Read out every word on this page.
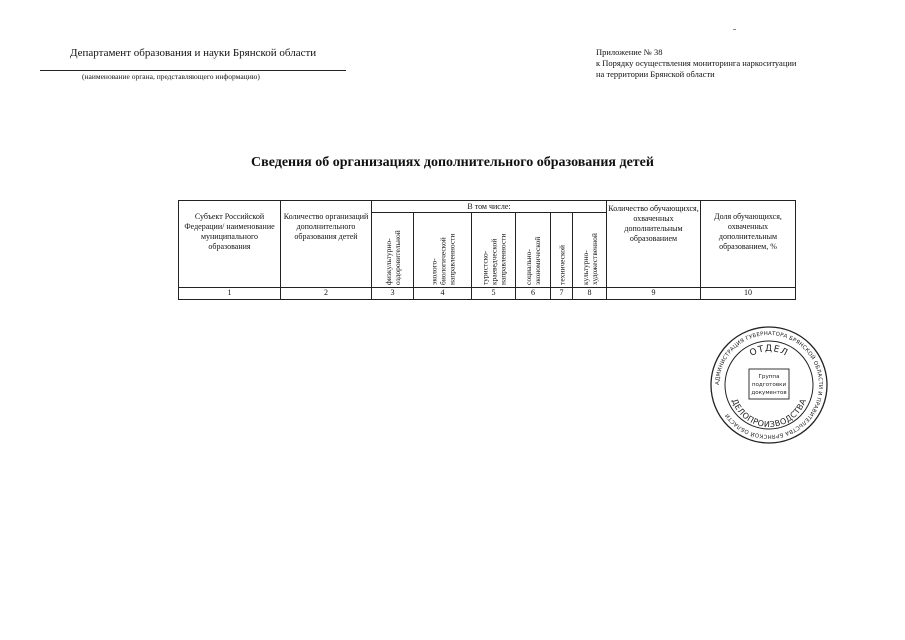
Департамент образования и науки Брянской области
(наименование органа, представляющего информацию)
Приложение № 38
к Порядку осуществления мониторинга наркоситуации
на территории Брянской области
Сведения об организациях дополнительного образования детей
Субъект Российской Федерации/ наименование муниципального образования	Количество организаций дополнительного образования детей	В том числе:						Количество обучающихся, охваченных дополнительным образованием	Доля обучающихся, охваченных дополнительным образованием, %

		физкультурно-оздоровительной	эколого-биологической направленности	туристско-краеведческой направленности	социально-экономической	технической	культурно-художественной		

1	2	3	4	5	6	7	8	9	10
АДМИНИСТРАЦИЯ ГУБЕРНАТОРА БРЯНСКОЙ ОБЛАСТИ И ПРАВИТЕЛЬСТВА БРЯНСКОЙ ОБЛАСТИ
ОТДЕЛ
ДЕЛОПРОИЗВОДСТВА
Группа
подготовки
документов
